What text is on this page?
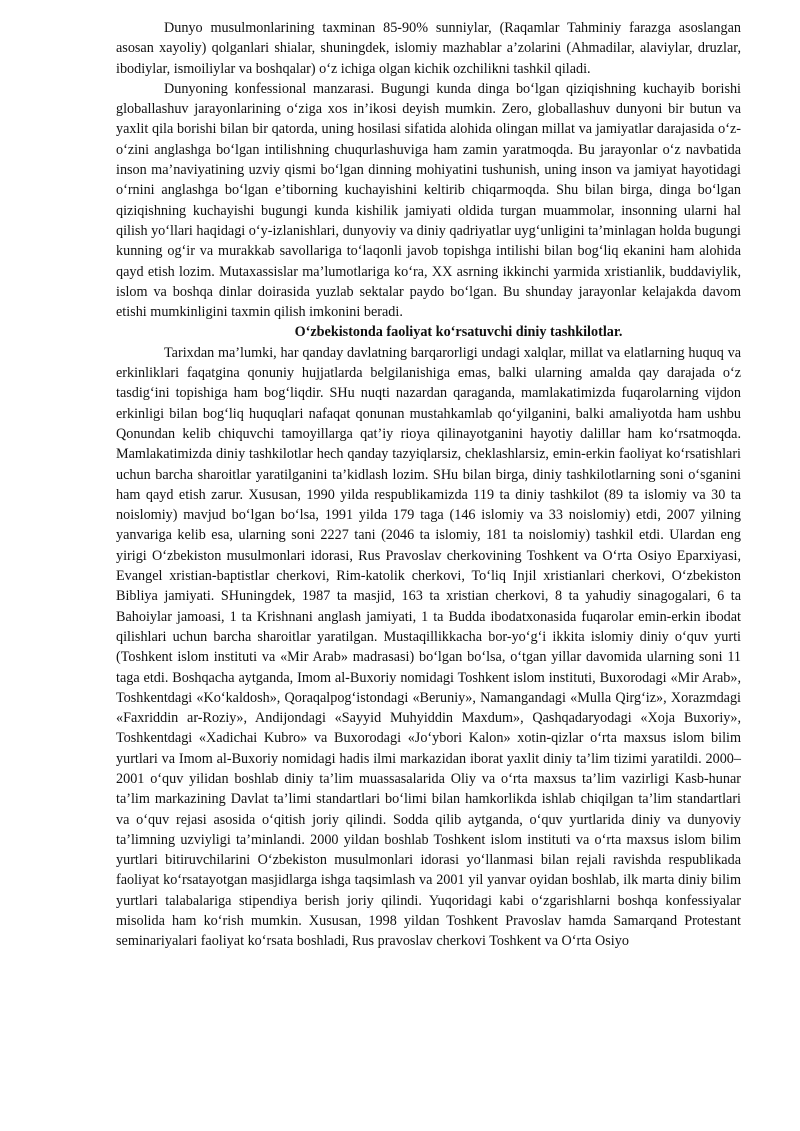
Dunyo musulmonlarining taxminan 85-90% sunniylar, (Raqamlar Tahminiy farazga asoslangan asosan xayoliy) qolganlari shialar, shuningdek, islomiy mazhablar a’zolarini (Ahmadilar, alaviylar, druzlar, ibodiylar, ismoiliylar va boshqalar) o‘z ichiga olgan kichik ozchilikni tashkil qiladi.

Dunyoning konfessional manzarasi. Bugungi kunda dinga bo‘lgan qiziqishning kuchayib borishi globallashuv jarayonlarining o‘ziga xos in’ikosi deyish mumkin. Zero, globallashuv dunyoni bir butun va yaxlit qila borishi bilan bir qatorda, uning hosilasi sifatida alohida olingan millat va jamiyatlar darajasida o‘z-o‘zini anglashga bo‘lgan intilishning chuqurlashuviga ham zamin yaratmoqda. Bu jarayonlar o‘z navbatida inson ma’naviyatining uzviy qismi bo‘lgan dinning mohiyatini tushunish, uning inson va jamiyat hayotidagi o‘rnini anglashga bo‘lgan e’tiborning kuchayishini keltirib chiqarmoqda. Shu bilan birga, dinga bo‘lgan qiziqishning kuchayishi bugungi kunda kishilik jamiyati oldida turgan muammolar, insonning ularni hal qilish yo‘llari haqidagi o‘y-izlanishlari, dunyoviy va diniy qadriyatlar uyg‘unligini ta’minlagan holda bugungi kunning og‘ir va murakkab savollariga to‘laqonli javob topishga intilishi bilan bog‘liq ekanini ham alohida qayd etish lozim. Mutaxassislar ma’lumotlariga ko‘ra, XX asrning ikkinchi yarmida xristianlik, buddaviylik, islom va boshqa dinlar doirasida yuzlab sektalar paydo bo‘lgan. Bu shunday jarayonlar kelajakda davom etishi mumkinligini taxmin qilish imkonini beradi.

O‘zbekistonda faoliyat ko‘rsatuvchi diniy tashkilotlar.

Tarixdan ma’lumki, har qanday davlatning barqarorligi undagi xalqlar, millat va elatlarning huquq va erkinliklari faqatgina qonuniy hujjatlarda belgilanishiga emas, balki ularning amalda qay darajada o‘z tasdig‘ini topishiga ham bog‘liqdir. SHu nuqti nazardan qaraganda, mamlakatimizda fuqarolarning vijdon erkinligi bilan bog‘liq huquqlari nafaqat qonunan mustahkamlab qo‘yilganini, balki amaliyotda ham ushbu Qonundan kelib chiquvchi tamoyillarga qat’iy rioya qilinayotganini hayotiy dalillar ham ko‘rsatmoqda. Mamlakatimizda diniy tashkilotlar hech qanday tazyiqlarsiz, cheklashlarsiz, emin-erkin faoliyat ko‘rsatishlari uchun barcha sharoitlar yaratilganini ta’kidlash lozim. SHu bilan birga, diniy tashkilotlarning soni o‘sganini ham qayd etish zarur. Xususan, 1990 yilda respublikamizda 119 ta diniy tashkilot (89 ta islomiy va 30 ta noislomiy) mavjud bo‘lgan bo‘lsa, 1991 yilda 179 taga (146 islomiy va 33 noislomiy) etdi, 2007 yilning yanvariga kelib esa, ularning soni 2227 tani (2046 ta islomiy, 181 ta noislomiy) tashkil etdi. Ulardan eng yirigi O‘zbekiston musulmonlari idorasi, Rus Pravoslav cherkovining Toshkent va O‘rta Osiyo Eparxiyasi, Evangel xristian-baptistlar cherkovi, Rim-katolik cherkovi, To‘liq Injil xristianlari cherkovi, O‘zbekiston Bibliya jamiyati. SHuningdek, 1987 ta masjid, 163 ta xristian cherkovi, 8 ta yahudiy sinagogalari, 6 ta Bahoiylar jamoasi, 1 ta Krishnani anglash jamiyati, 1 ta Budda ibodatxonasida fuqarolar emin-erkin ibodat qilishlari uchun barcha sharoitlar yaratilgan. Mustaqillikkacha bor-yo‘g‘i ikkita islomiy diniy o‘quv yurti (Toshkent islom instituti va «Mir Arab» madrasasi) bo‘lgan bo‘lsa, o‘tgan yillar davomida ularning soni 11 taga etdi. Boshqacha aytganda, Imom al-Buxoriy nomidagi Toshkent islom instituti, Buxorodagi «Mir Arab», Toshkentdagi «Ko‘kaldosh», Qoraqalpog‘istondagi «Beruniy», Namangandagi «Mulla Qirg‘iz», Xorazmdagi «Faxriddin ar-Roziy», Andijondagi «Sayyid Muhyiddin Maxdum», Qashqadaryodagi «Xoja Buxoriy», Toshkentdagi «Xadichai Kubro» va Buxorodagi «Jo‘ybori Kalon» xotin-qizlar o‘rta maxsus islom bilim yurtlari va Imom al-Buxoriy nomidagi hadis ilmi markazidan iborat yaxlit diniy ta’lim tizimi yaratildi. 2000–2001 o‘quv yilidan boshlab diniy ta’lim muassasalarida Oliy va o‘rta maxsus ta’lim vazirligi Kasb-hunar ta’lim markazining Davlat ta’limi standartlari bo‘limi bilan hamkorlikda ishlab chiqilgan ta’lim standartlari va o‘quv rejasi asosida o‘qitish joriy qilindi. Sodda qilib aytganda, o‘quv yurtlarida diniy va dunyoviy ta’limning uzviyligi ta’minlandi. 2000 yildan boshlab Toshkent islom instituti va o‘rta maxsus islom bilim yurtlari bitiruvchilarini O‘zbekiston musulmonlari idorasi yo‘llanmasi bilan rejali ravishda respublikada faoliyat ko‘rsatayotgan masjidlarga ishga taqsimlash va 2001 yil yanvar oyidan boshlab, ilk marta diniy bilim yurtlari talabalariga stipendiya berish joriy qilindi. Yuqoridagi kabi o‘zgarishlarni boshqa konfessiyalar misolida ham ko‘rish mumkin. Xususan, 1998 yildan Toshkent Pravoslav hamda Samarqand Protestant seminariyalari faoliyat ko‘rsata boshladi, Rus pravoslav cherkovi Toshkent va O‘rta Osiyo
